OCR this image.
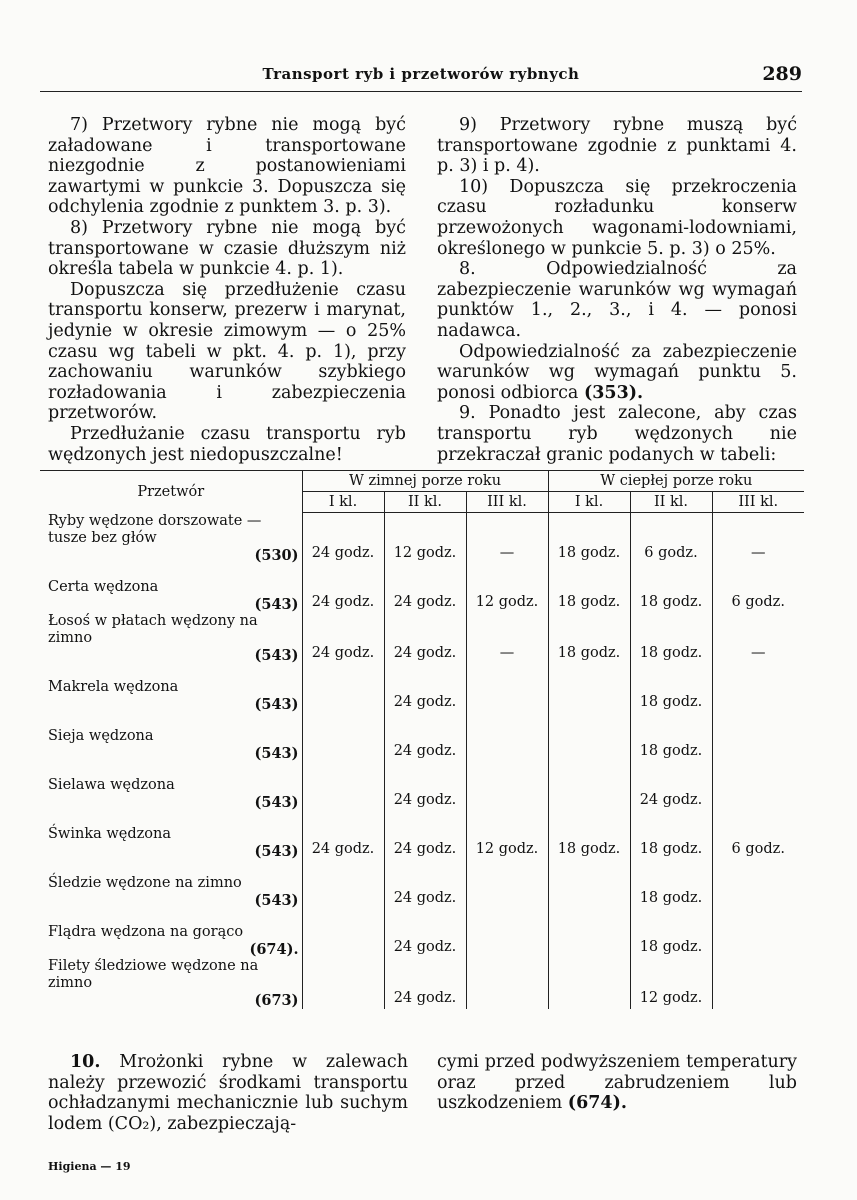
Transport ryb i przetworów rybnych	289

7) Przetwory rybne nie mogą być załadowane i transportowane niezgodnie z postanowieniami zawartymi w punkcie 3. Dopuszcza się odchylenia zgodnie z punktem 3. p. 3).

8) Przetwory rybne nie mogą być transportowane w czasie dłuższym niż określa tabela w punkcie 4. p. 1).

Dopuszcza się przedłużenie czasu transportu konserw, prezerw i marynat, jedynie w okresie zimowym — o 25% czasu wg tabeli w pkt. 4. p. 1), przy zachowaniu warunków szybkiego rozładowania i zabezpieczenia przetworów.

Przedłużanie czasu transportu ryb wędzonych jest niedopuszczalne!

9) Przetwory rybne muszą być transportowane zgodnie z punktami 4. p. 3) i p. 4).

10) Dopuszcza się przekroczenia czasu rozładunku konserw przewożonych wagonami-lodowniami, określonego w punkcie 5. p. 3) o 25%.

8. Odpowiedzialność za zabezpieczenie warunków wg wymagań punktów 1., 2., 3., i 4. — ponosi nadawca.

Odpowiedzialność za zabezpieczenie warunków wg wymagań punktu 5. ponosi odbiorca (353).

9. Ponadto jest zalecone, aby czas transportu ryb wędzonych nie przekraczał granic podanych w tabeli:

Przetwór	W zimnej porze roku			W ciepłej porze roku		
	I kl.	II kl.	III kl.	I kl.	II kl.	III kl.

Ryby wędzone dorszowate — tusze bez głów
(530)	24 godz.	12 godz.	—	18 godz.	6 godz.	—

Certa wędzona
(543)	24 godz.	24 godz.	12 godz.	18 godz.	18 godz.	6 godz.

Łosoś w płatach wędzony na zimno
(543)	24 godz.	24 godz.	—	18 godz.	18 godz.	—

Makrela wędzona
(543)		24 godz.			18 godz.	

Sieja wędzona
(543)		24 godz.			18 godz.	

Sielawa wędzona
(543)		24 godz.			24 godz.	

Świnka wędzona
(543)	24 godz.	24 godz.	12 godz.	18 godz.	18 godz.	6 godz.

Śledzie wędzone na zimno
(543)		24 godz.			18 godz.	

Flądra wędzona na gorąco
(674).		24 godz.			18 godz.	

Filety śledziowe wędzone na zimno
(673)		24 godz.			12 godz.	

10. Mrożonki rybne w zalewach należy przewozić środkami transportu ochładzanymi mechanicznie lub suchym lodem (CO₂), zabezpieczają-

cymi przed podwyższeniem temperatury oraz przed zabrudzeniem lub uszkodzeniem (674).

Higiena — 19
